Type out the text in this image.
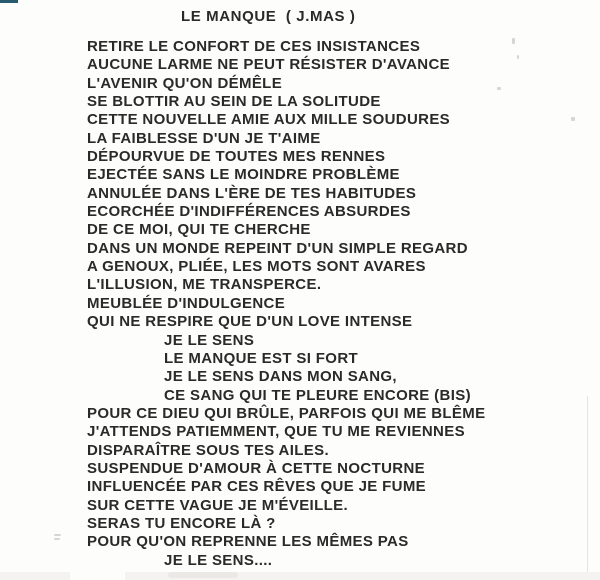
LE MANQUE  ( J.MAS )
RETIRE LE CONFORT DE CES INSISTANCES
AUCUNE LARME NE PEUT RÉSISTER D'AVANCE
L'AVENIR QU'ON DÉMÊLE
SE BLOTTIR AU SEIN DE LA SOLITUDE
CETTE NOUVELLE AMIE AUX MILLE SOUDURES
LA FAIBLESSE D'UN JE T'AIME
DÉPOURVUE DE TOUTES MES RENNES
EJECTÉE SANS LE MOINDRE PROBLÈME
ANNULÉE DANS L'ÈRE DE TES HABITUDES
ECORCHÉE D'INDIFFÉRENCES ABSURDES
DE CE MOI, QUI TE CHERCHE
DANS UN MONDE REPEINT D'UN SIMPLE REGARD
A GENOUX, PLIÉE, LES MOTS SONT AVARES
L'ILLUSION, ME TRANSPERCE.
MEUBLÉE D'INDULGENCE
QUI NE RESPIRE QUE D'UN LOVE INTENSE
JE LE SENS
LE MANQUE EST SI FORT
JE LE SENS DANS MON SANG,
CE SANG QUI TE PLEURE ENCORE (BIS)
POUR CE DIEU QUI BRÛLE, PARFOIS QUI ME BLÊME
J'ATTENDS PATIEMMENT, QUE TU ME REVIENNES
DISPARAÎTRE SOUS TES AILES.
SUSPENDUE D'AMOUR À CETTE NOCTURNE
INFLUENCÉE PAR CES RÊVES QUE JE FUME
SUR CETTE VAGUE JE M'ÉVEILLE.
SERAS TU ENCORE LÀ ?
POUR QU'ON REPRENNE LES MÊMES PAS
JE LE SENS....
